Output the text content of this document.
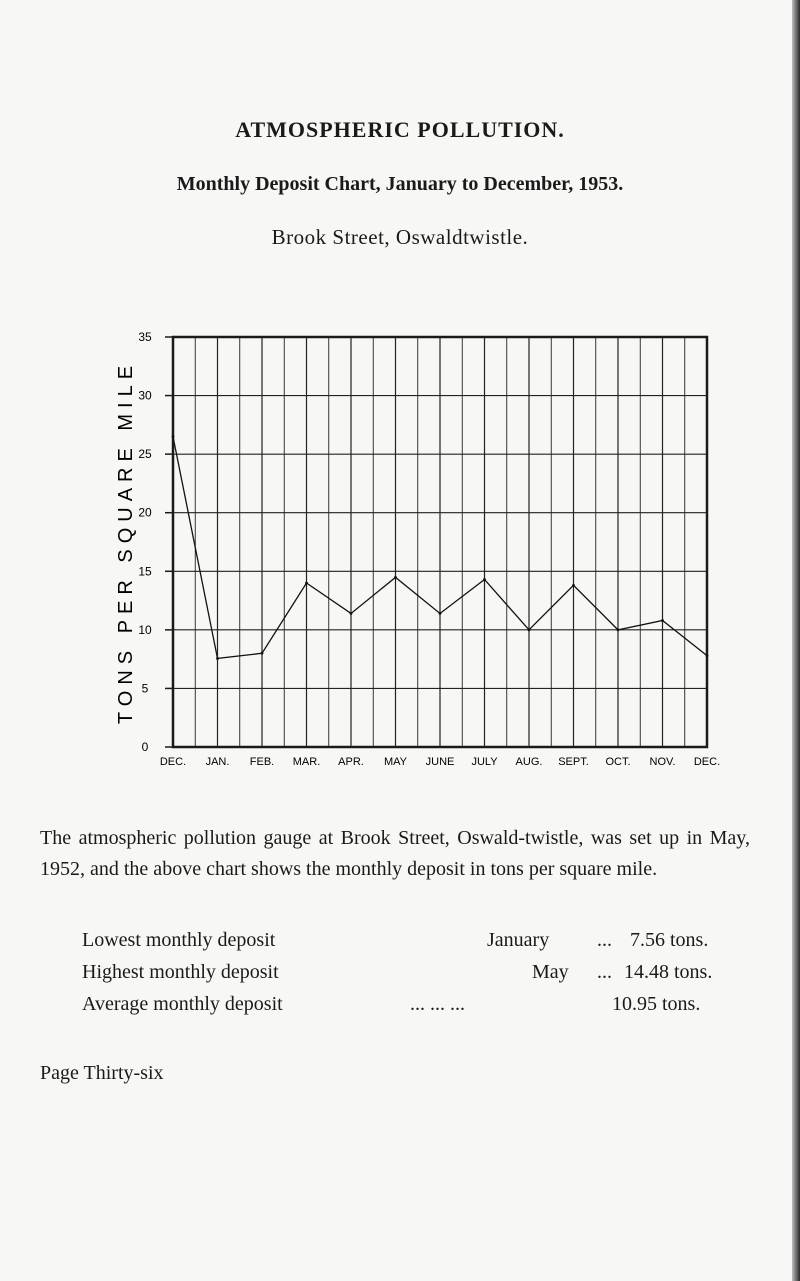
ATMOSPHERIC POLLUTION.
Monthly Deposit Chart, January to December, 1953.
Brook Street, Oswaldtwistle.
0
5
10
15
20
25
30
35
DEC. JAN. FEB. MAR. APR. MAY JUNE JULY AUG. SEPT. OCT. NOV. DEC.
TONS PER SQUARE MILE
The atmospheric pollution gauge at Brook Street, Oswald-twistle, was set up in May, 1952, and the above chart shows the monthly deposit in tons per square mile.
Lowest monthly deposit	January ... 7.56 tons.
Highest monthly deposit	May ... 14.48 tons.
Average monthly deposit	... ... ...	10.95 tons.
Page Thirty-six
